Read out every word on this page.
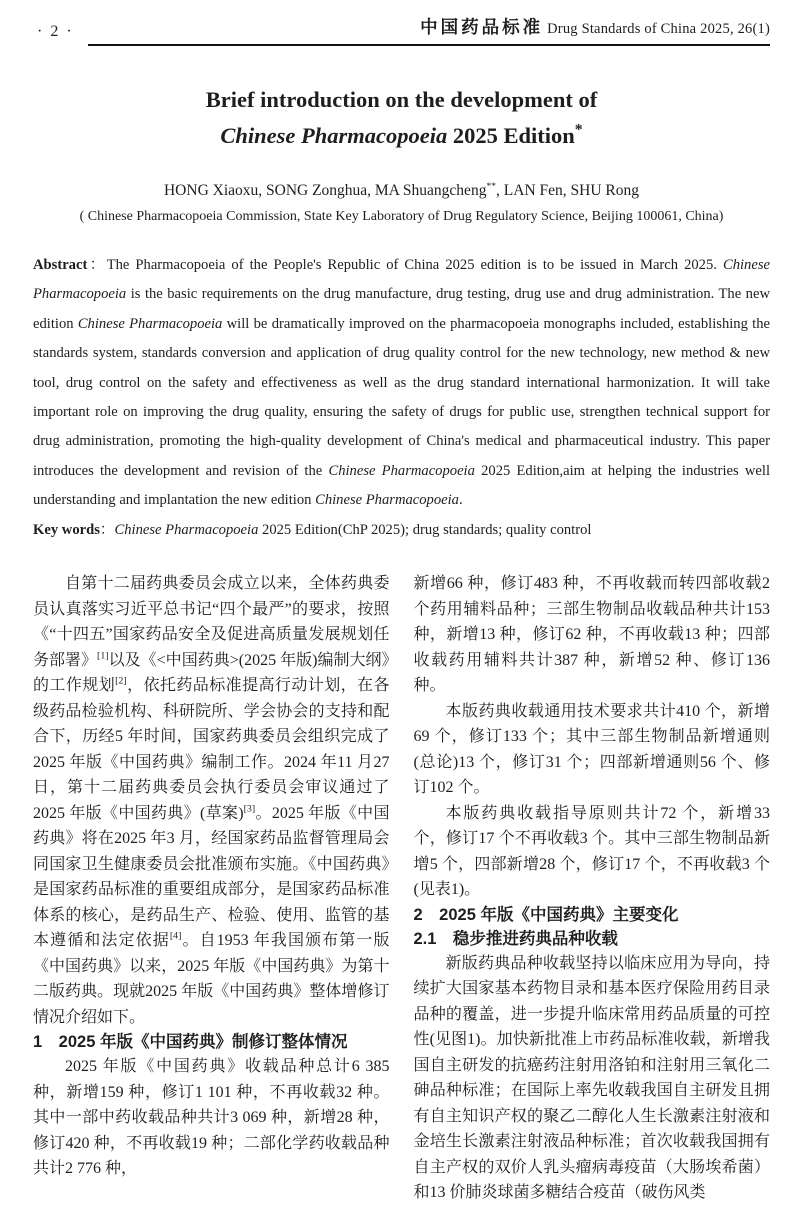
· 2 ·	中国药品标准 Drug Standards of China 2025, 26(1)
Brief introduction on the development of
Chinese Pharmacopoeia 2025 Edition*
HONG Xiaoxu, SONG Zonghua, MA Shuangcheng**, LAN Fen, SHU Rong
( Chinese Pharmacopoeia Commission, State Key Laboratory of Drug Regulatory Science, Beijing 100061, China)

Abstract：The Pharmacopoeia of the People's Republic of China 2025 edition is to be issued in March 2025. Chinese Pharmacopoeia is the basic requirements on the drug manufacture, drug testing, drug use and drug administration. The new edition Chinese Pharmacopoeia will be dramatically improved on the pharmacopoeia monographs included, establishing the standards system, standards conversion and application of drug quality control for the new technology, new method & new tool, drug control on the safety and effectiveness as well as the drug standard international harmonization. It will take important role on improving the drug quality, ensuring the safety of drugs for public use, strengthen technical support for drug administration, promoting the high-quality development of China's medical and pharmaceutical industry. This paper introduces the development and revision of the Chinese Pharmacopoeia 2025 Edition,aim at helping the industries well understanding and implantation the new edition Chinese Pharmacopoeia.

Key words：Chinese Pharmacopoeia 2025 Edition(ChP 2025); drug standards; quality control

自第十二届药典委员会成立以来，全体药典委员认真落实习近平总书记“四个最严”的要求，按照《“十四五”国家药品安全及促进高质量发展规划任务部署》[1]以及《<中国药典>(2025 年版)编制大纲》的工作规划[2]，依托药品标准提高行动计划，在各级药品检验机构、科研院所、学会协会的支持和配合下，历经5 年时间，国家药典委员会组织完成了2025 年版《中国药典》编制工作。2024 年11 月27 日，第十二届药典委员会执行委员会审议通过了2025 年版《中国药典》(草案)[3]。2025 年版《中国药典》将在2025 年3 月，经国家药品监督管理局会同国家卫生健康委员会批准颁布实施。《中国药典》是国家药品标准的重要组成部分，是国家药品标准体系的核心，是药品生产、检验、使用、监管的基本遵循和法定依据[4]。自1953 年我国颁布第一版《中国药典》以来，2025 年版《中国药典》为第十二版药典。现就2025 年版《中国药典》整体增修订情况介绍如下。

1　2025 年版《中国药典》制修订整体情况

2025 年版《中国药典》收载品种总计6 385 种，新增159 种，修订1 101 种，不再收载32 种。其中一部中药收载品种共计3 069 种，新增28 种，修订420 种，不再收载19 种；二部化学药收载品种共计2 776 种，

新增66 种，修订483 种，不再收载而转四部收载2 个药用辅料品种；三部生物制品收载品种共计153 种，新增13 种，修订62 种，不再收载13 种；四部收载药用辅料共计387 种，新增52 种、修订136 种。

本版药典收载通用技术要求共计410 个，新增69 个，修订133 个；其中三部生物制品新增通则(总论)13 个，修订31 个；四部新增通则56 个、修订102 个。

本版药典收载指导原则共计72 个，新增33 个，修订17 个不再收载3 个。其中三部生物制品新增5 个，四部新增28 个，修订17 个，不再收载3 个(见表1)。

2　2025 年版《中国药典》主要变化

2.1　稳步推进药典品种收载

新版药典品种收载坚持以临床应用为导向，持续扩大国家基本药物目录和基本医疗保险用药目录品种的覆盖，进一步提升临床常用药品质量的可控性(见图1)。加快新批准上市药品标准收载，新增我国自主研发的抗癌药注射用洛铂和注射用三氧化二砷品种标准；在国际上率先收载我国自主研发且拥有自主知识产权的聚乙二醇化人生长激素注射液和金培生长激素注射液品种标准；首次收载我国拥有自主产权的双价人乳头瘤病毒疫苗（大肠埃希菌）和13 价肺炎球菌多糖结合疫苗（破伤风类
